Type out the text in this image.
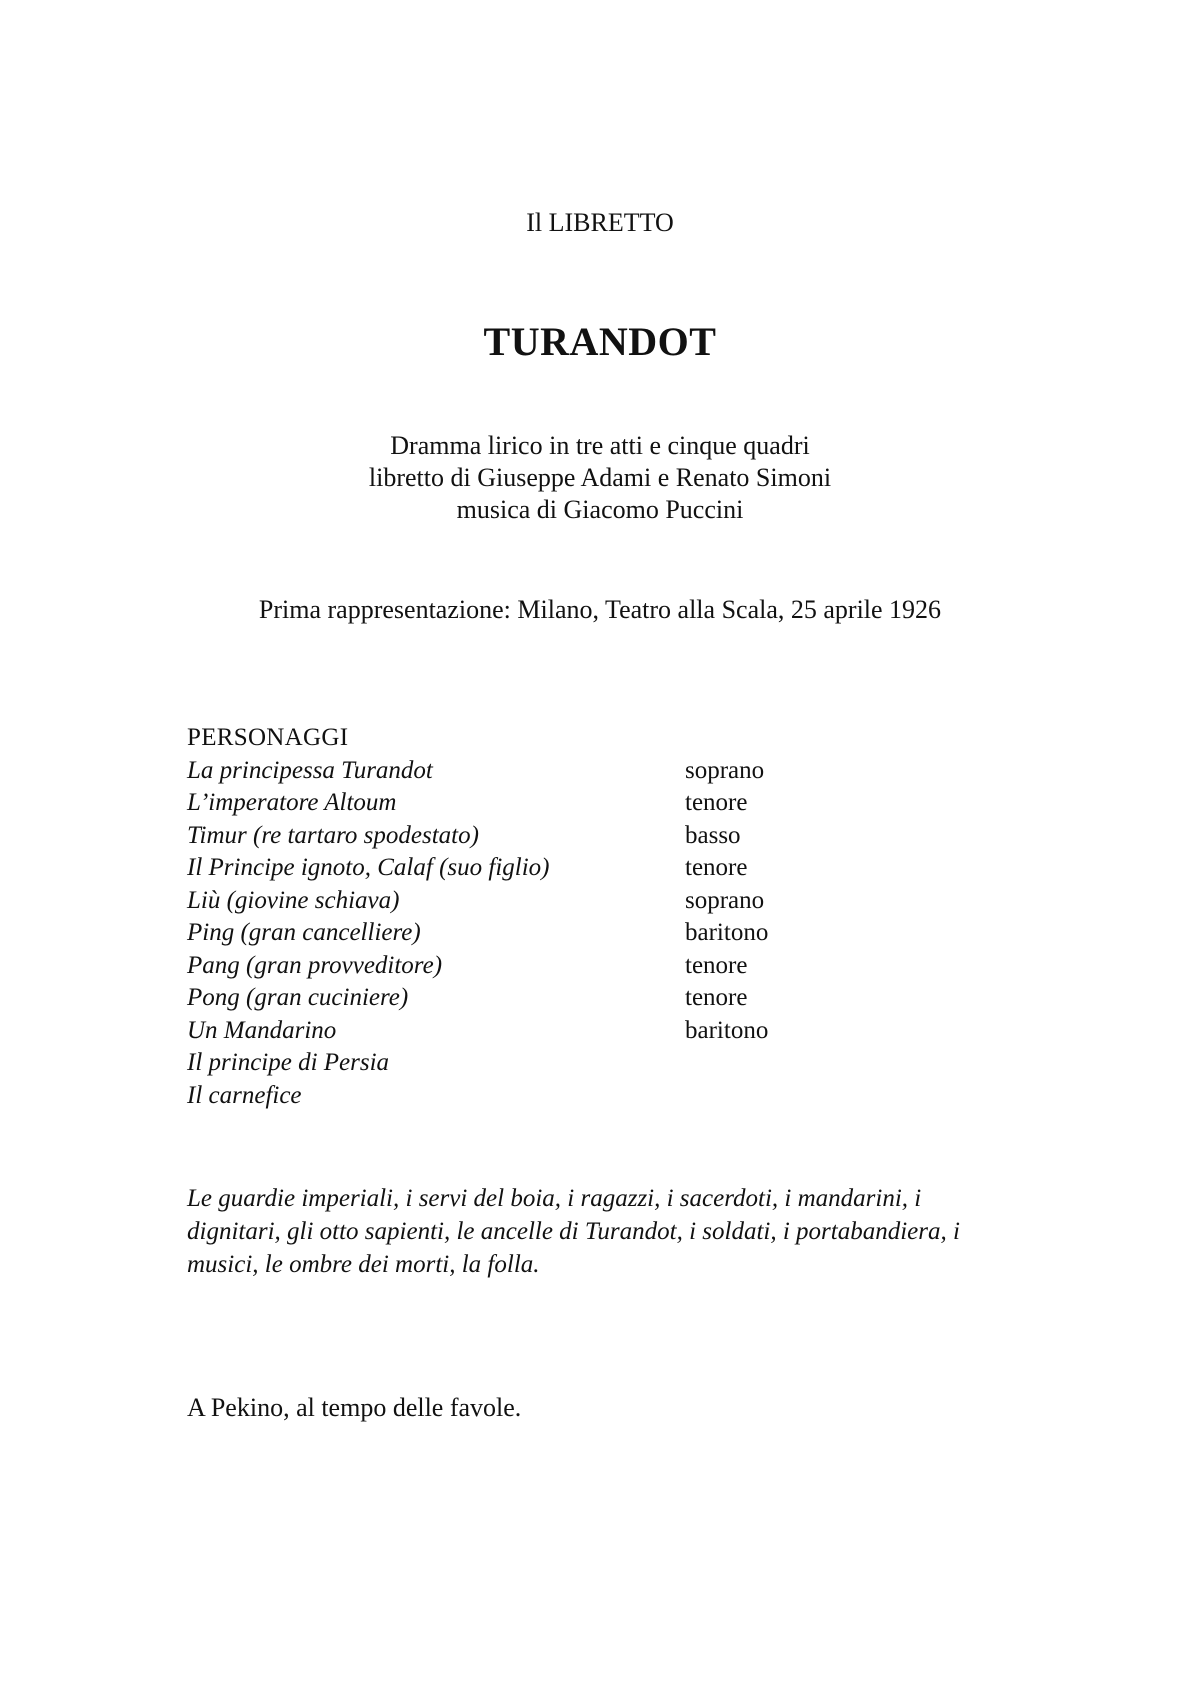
Il LIBRETTO
TURANDOT
Dramma lirico in tre atti e cinque quadri
libretto di Giuseppe Adami e Renato Simoni
musica di Giacomo Puccini
Prima rappresentazione: Milano, Teatro alla Scala, 25 aprile 1926
PERSONAGGI
La principessa Turandot	soprano
L’imperatore Altoum	tenore
Timur (re tartaro spodestato)	basso
Il Principe ignoto, Calaf (suo figlio)	tenore
Liù (giovine schiava)	soprano
Ping (gran cancelliere)	baritono
Pang (gran provveditore)	tenore
Pong (gran cuciniere)	tenore
Un Mandarino	baritono
Il principe di Persia
Il carnefice
Le guardie imperiali, i servi del boia, i ragazzi, i sacerdoti, i mandarini, i
dignitari, gli otto sapienti, le ancelle di Turandot, i soldati, i portabandiera, i
musici, le ombre dei morti, la folla.
A Pekino, al tempo delle favole.
